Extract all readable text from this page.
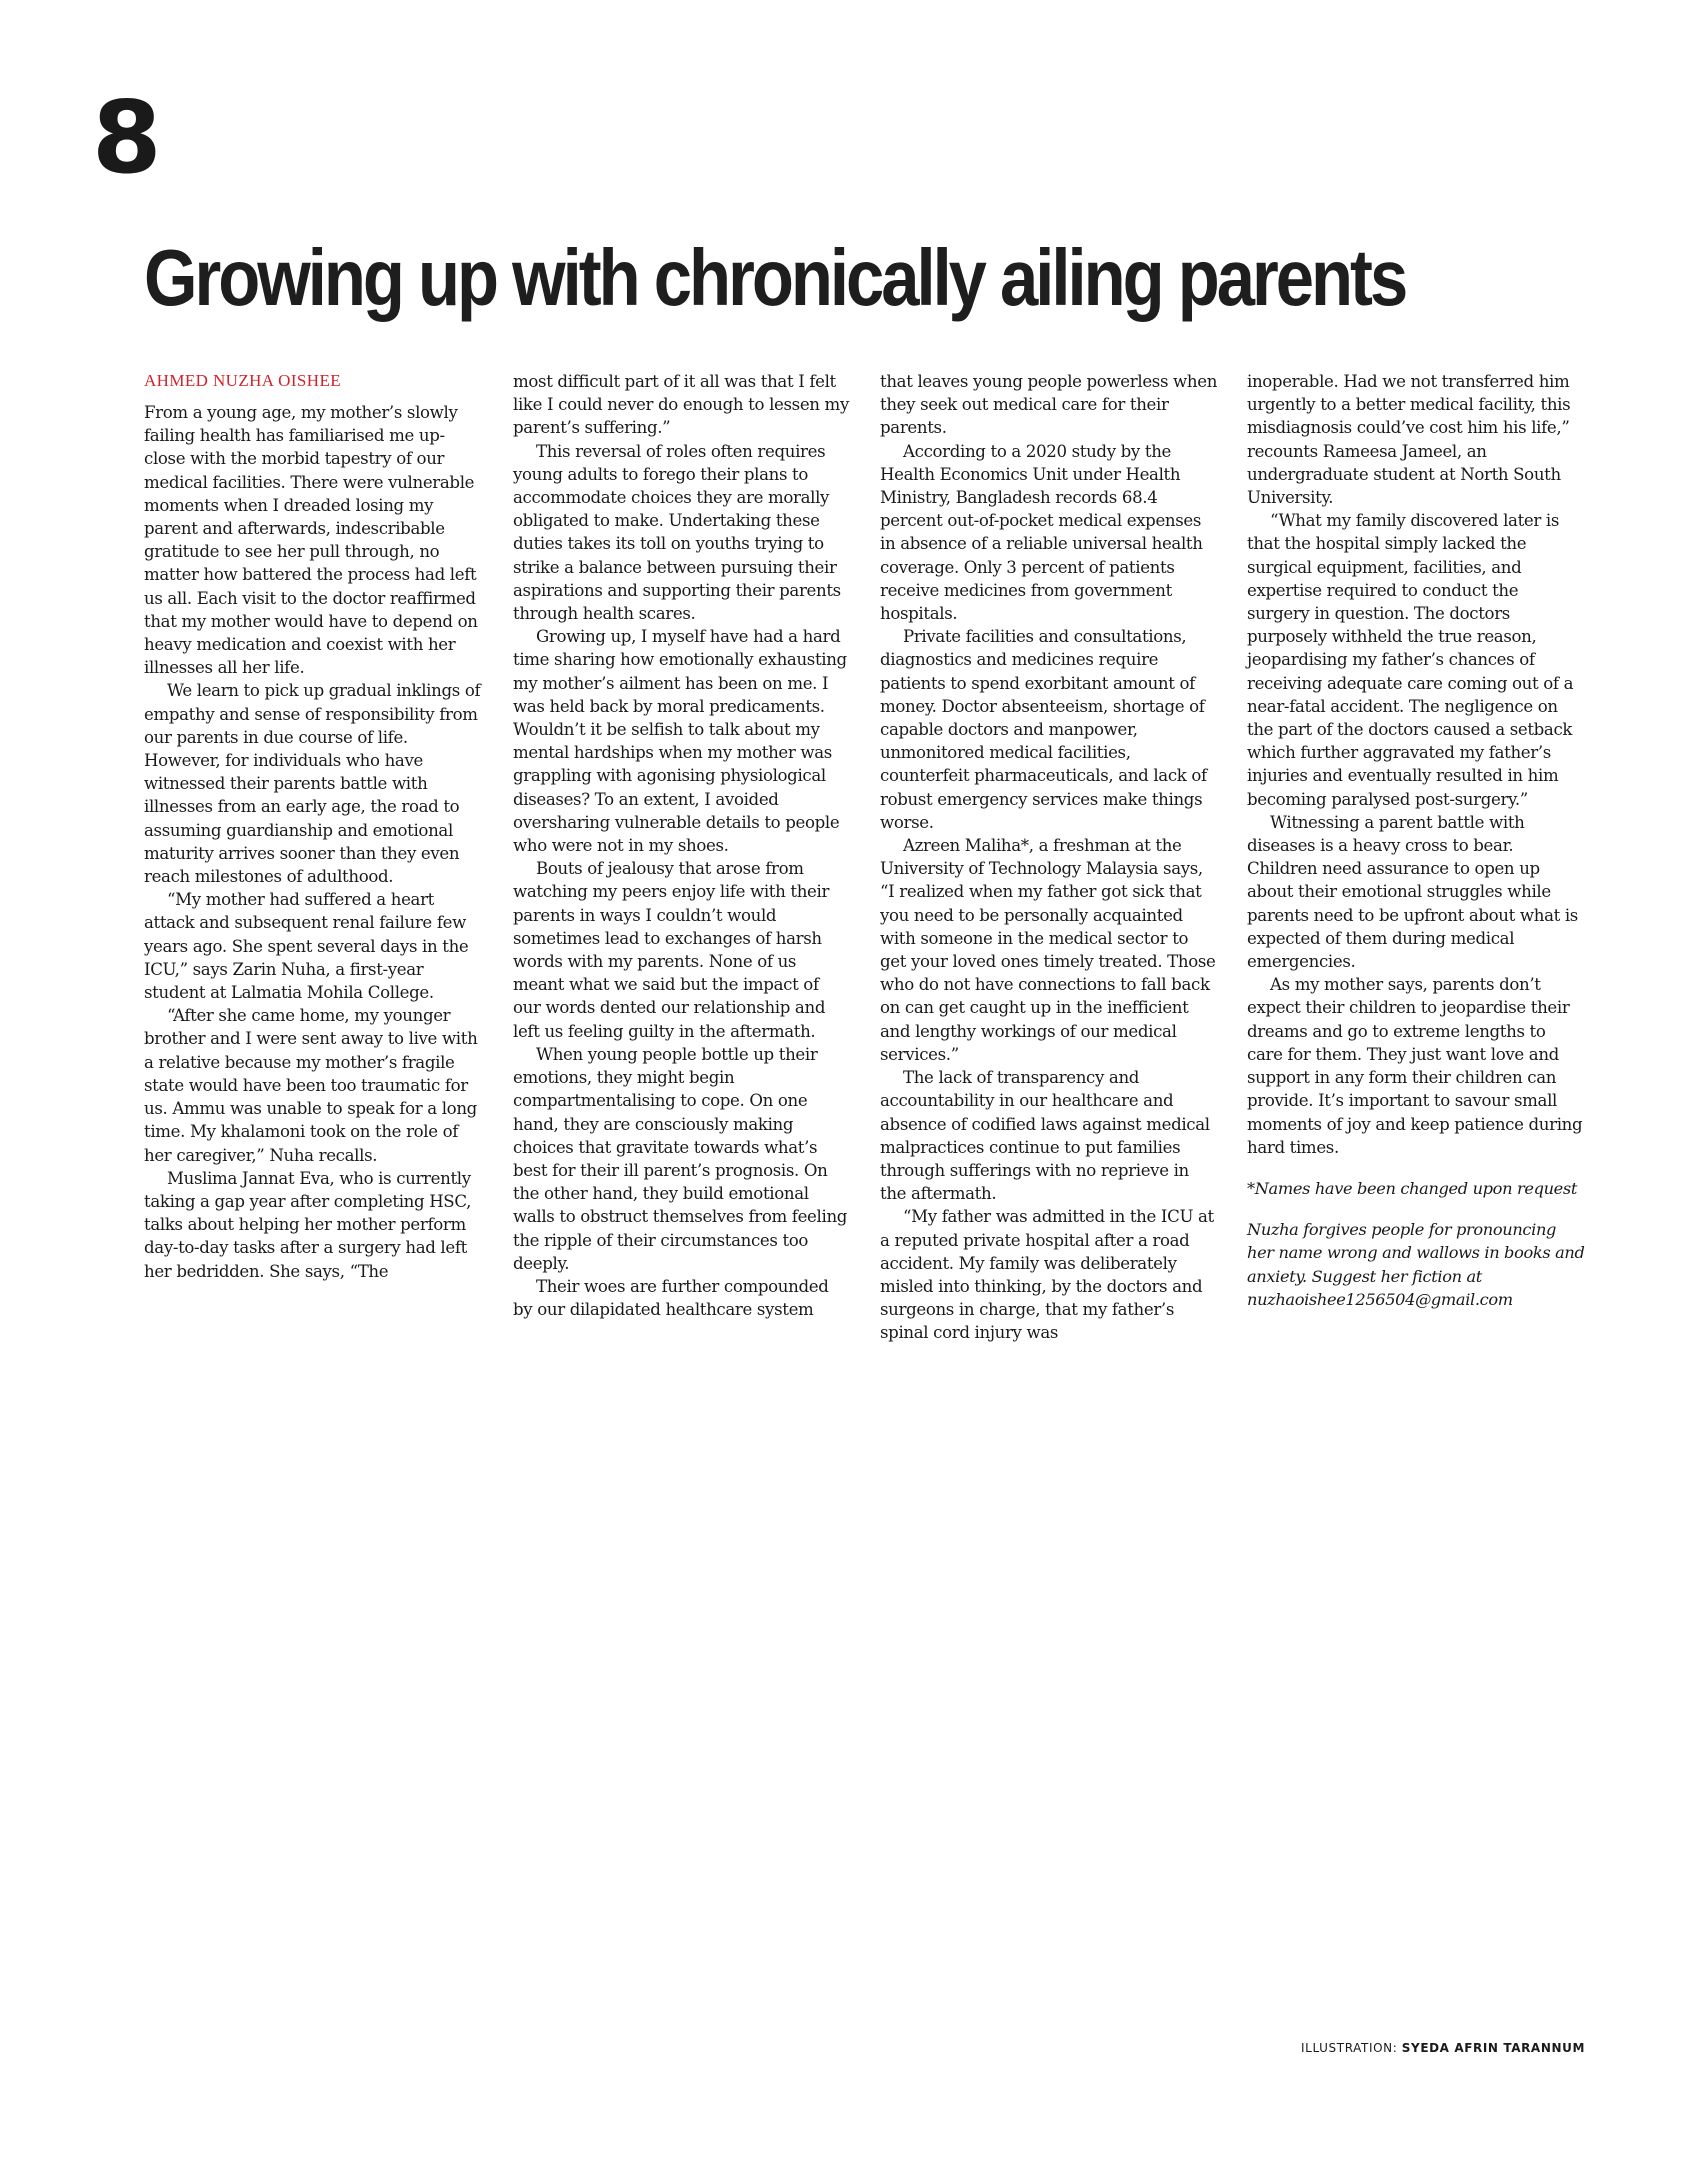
8
Growing up with chronically ailing parents
AHMED NUZHA OISHEE

From a young age, my mother’s slowly failing health has familiarised me up-close with the morbid tapestry of our medical facilities. There were vulnerable moments when I dreaded losing my parent and afterwards, indescribable gratitude to see her pull through, no matter how battered the process had left us all. Each visit to the doctor reaffirmed that my mother would have to depend on heavy medication and coexist with her illnesses all her life.

We learn to pick up gradual inklings of empathy and sense of responsibility from our parents in due course of life. However, for individuals who have witnessed their parents battle with illnesses from an early age, the road to assuming guardianship and emotional maturity arrives sooner than they even reach milestones of adulthood.

“My mother had suffered a heart attack and subsequent renal failure few years ago. She spent several days in the ICU,” says Zarin Nuha, a first-year student at Lalmatia Mohila College.

“After she came home, my younger brother and I were sent away to live with a relative because my mother’s fragile state would have been too traumatic for us. Ammu was unable to speak for a long time. My khalamoni took on the role of her caregiver,” Nuha recalls.

Muslima Jannat Eva, who is currently taking a gap year after completing HSC, talks about helping her mother perform day-to-day tasks after a surgery had left her bedridden. She says, “The

most difficult part of it all was that I felt like I could never do enough to lessen my parent’s suffering.”

This reversal of roles often requires young adults to forego their plans to accommodate choices they are morally obligated to make. Undertaking these duties takes its toll on youths trying to strike a balance between pursuing their aspirations and supporting their parents through health scares.

Growing up, I myself have had a hard time sharing how emotionally exhausting my mother’s ailment has been on me. I was held back by moral predicaments. Wouldn’t it be selfish to talk about my mental hardships when my mother was grappling with agonising physiological diseases? To an extent, I avoided oversharing vulnerable details to people who were not in my shoes.

Bouts of jealousy that arose from watching my peers enjoy life with their parents in ways I couldn’t would sometimes lead to exchanges of harsh words with my parents. None of us meant what we said but the impact of our words dented our relationship and left us feeling guilty in the aftermath.

When young people bottle up their emotions, they might begin compartmentalising to cope. On one hand, they are consciously making choices that gravitate towards what’s best for their ill parent’s prognosis. On the other hand, they build emotional walls to obstruct themselves from feeling the ripple of their circumstances too deeply.

Their woes are further compounded by our dilapidated healthcare system

that leaves young people powerless when they seek out medical care for their parents.

According to a 2020 study by the Health Economics Unit under Health Ministry, Bangladesh records 68.4 percent out-of-pocket medical expenses in absence of a reliable universal health coverage. Only 3 percent of patients receive medicines from government hospitals.

Private facilities and consultations, diagnostics and medicines require patients to spend exorbitant amount of money. Doctor absenteeism, shortage of capable doctors and manpower, unmonitored medical facilities, counterfeit pharmaceuticals, and lack of robust emergency services make things worse.

Azreen Maliha*, a freshman at the University of Technology Malaysia says, “I realized when my father got sick that you need to be personally acquainted with someone in the medical sector to get your loved ones timely treated. Those who do not have connections to fall back on can get caught up in the inefficient and lengthy workings of our medical services.”

The lack of transparency and accountability in our healthcare and absence of codified laws against medical malpractices continue to put families through sufferings with no reprieve in the aftermath.

“My father was admitted in the ICU at a reputed private hospital after a road accident. My family was deliberately misled into thinking, by the doctors and surgeons in charge, that my father’s spinal cord injury was

inoperable. Had we not transferred him urgently to a better medical facility, this misdiagnosis could’ve cost him his life,” recounts Rameesa Jameel, an undergraduate student at North South University.

“What my family discovered later is that the hospital simply lacked the surgical equipment, facilities, and expertise required to conduct the surgery in question. The doctors purposely withheld the true reason, jeopardising my father’s chances of receiving adequate care coming out of a near-fatal accident. The negligence on the part of the doctors caused a setback which further aggravated my father’s injuries and eventually resulted in him becoming paralysed post-surgery.”

Witnessing a parent battle with diseases is a heavy cross to bear. Children need assurance to open up about their emotional struggles while parents need to be upfront about what is expected of them during medical emergencies.

As my mother says, parents don’t expect their children to jeopardise their dreams and go to extreme lengths to care for them. They just want love and support in any form their children can provide. It’s important to savour small moments of joy and keep patience during hard times.

*Names have been changed upon request

Nuzha forgives people for pronouncing her name wrong and wallows in books and anxiety. Suggest her fiction at nuzhaoishee1256504@gmail.com

ILLUSTRATION: SYEDA AFRIN TARANNUM
